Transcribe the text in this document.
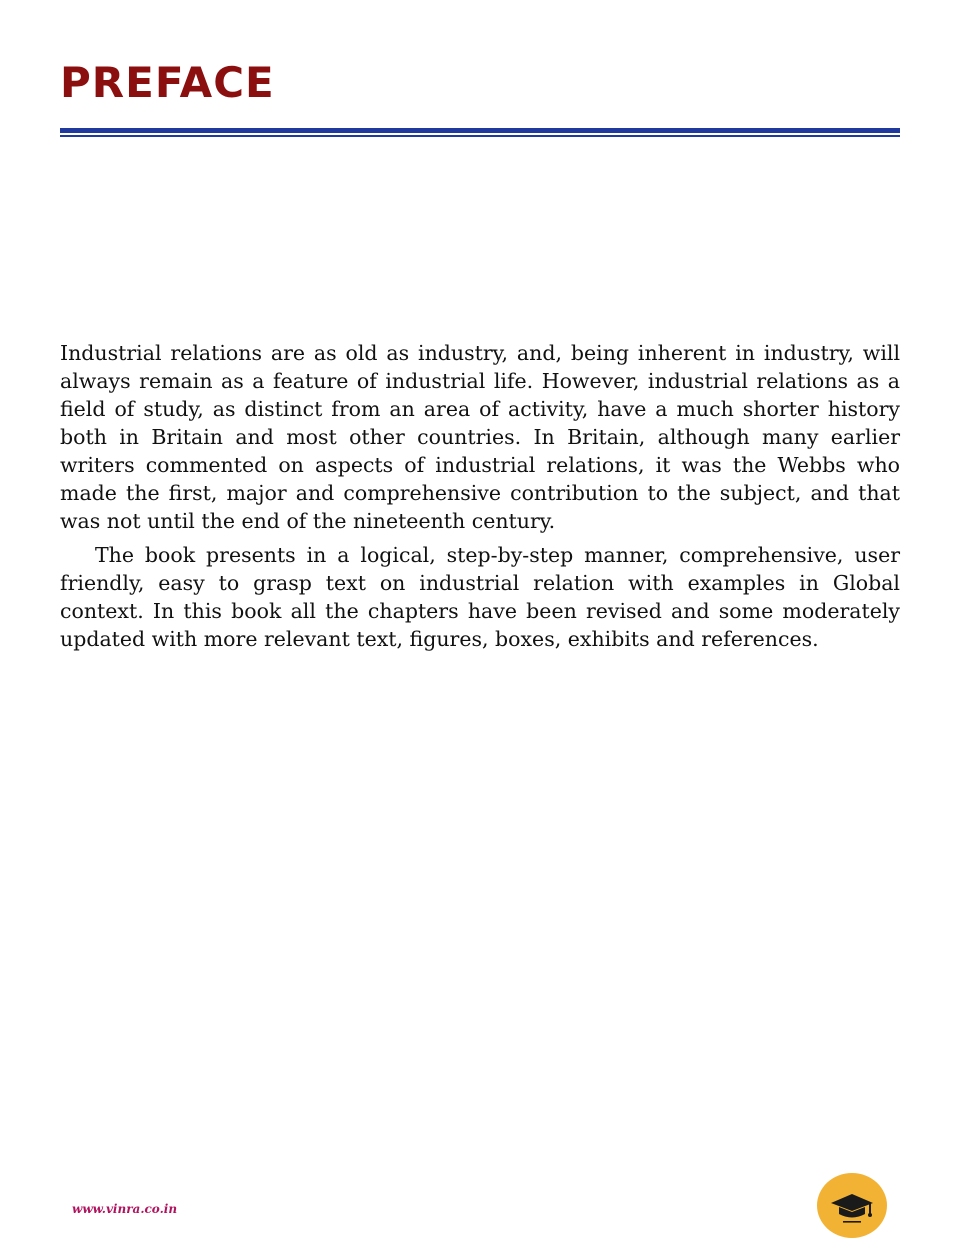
PREFACE

Industrial relations are as old as industry, and, being inherent in industry, will always remain as a feature of industrial life. However, industrial relations as a field of study, as distinct from an area of activity, have a much shorter history both in Britain and most other countries. In Britain, although many earlier writers commented on aspects of industrial relations, it was the Webbs who made the first, major and comprehensive contribution to the subject, and that was not until the end of the nineteenth century.

The book presents in a logical, step-by-step manner, comprehensive, user friendly, easy to grasp text on industrial relation with examples in Global context. In this book all the chapters have been revised and some moderately updated with more relevant text, figures, boxes, exhibits and references.

www.vinra.co.in
